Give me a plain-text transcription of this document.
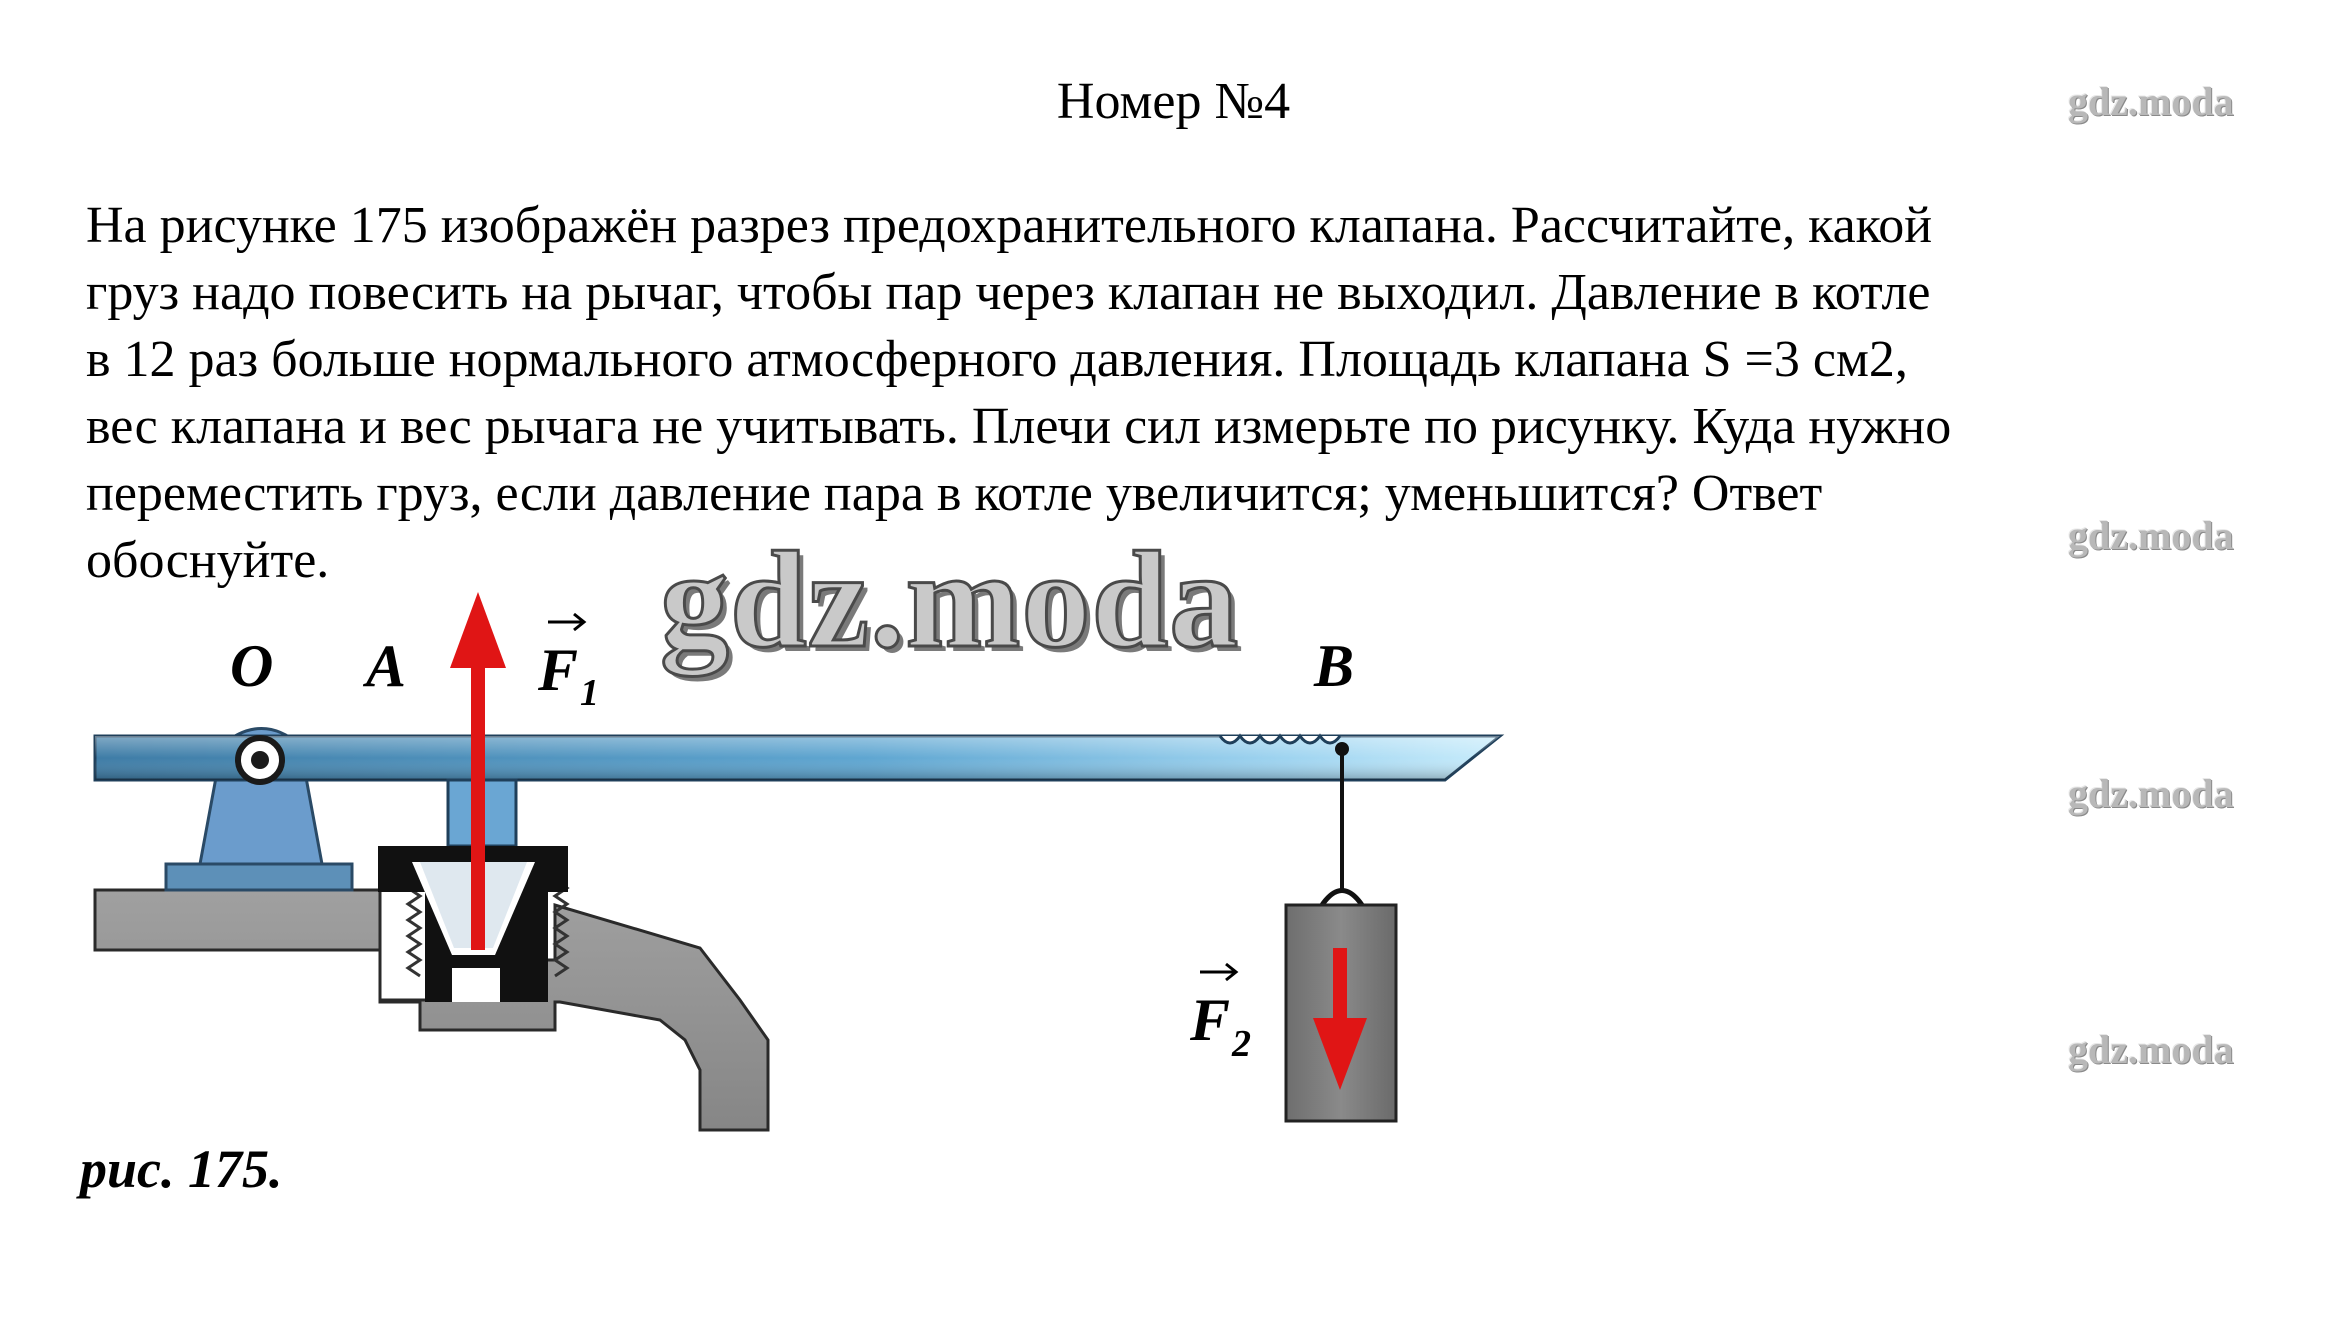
Номер №4
На рисунке 175 изображён разрез предохранительного клапана. Рассчитайте, какой
груз надо повесить на рычаг, чтобы пар через клапан не выходил. Давление в котле
в 12 раз больше нормального атмосферного давления. Площадь клапана S =3 см2,
вес клапана и вес рычага не учитывать. Плечи сил измерьте по рисунку. Куда нужно
переместить груз, если давление пара в котле увеличится; уменьшится? Ответ
обоснуйте.
O A F 1	B
F 2
gdz.moda
gdz.moda
gdz.moda
gdz.moda
gdz.moda
рис. 175.
